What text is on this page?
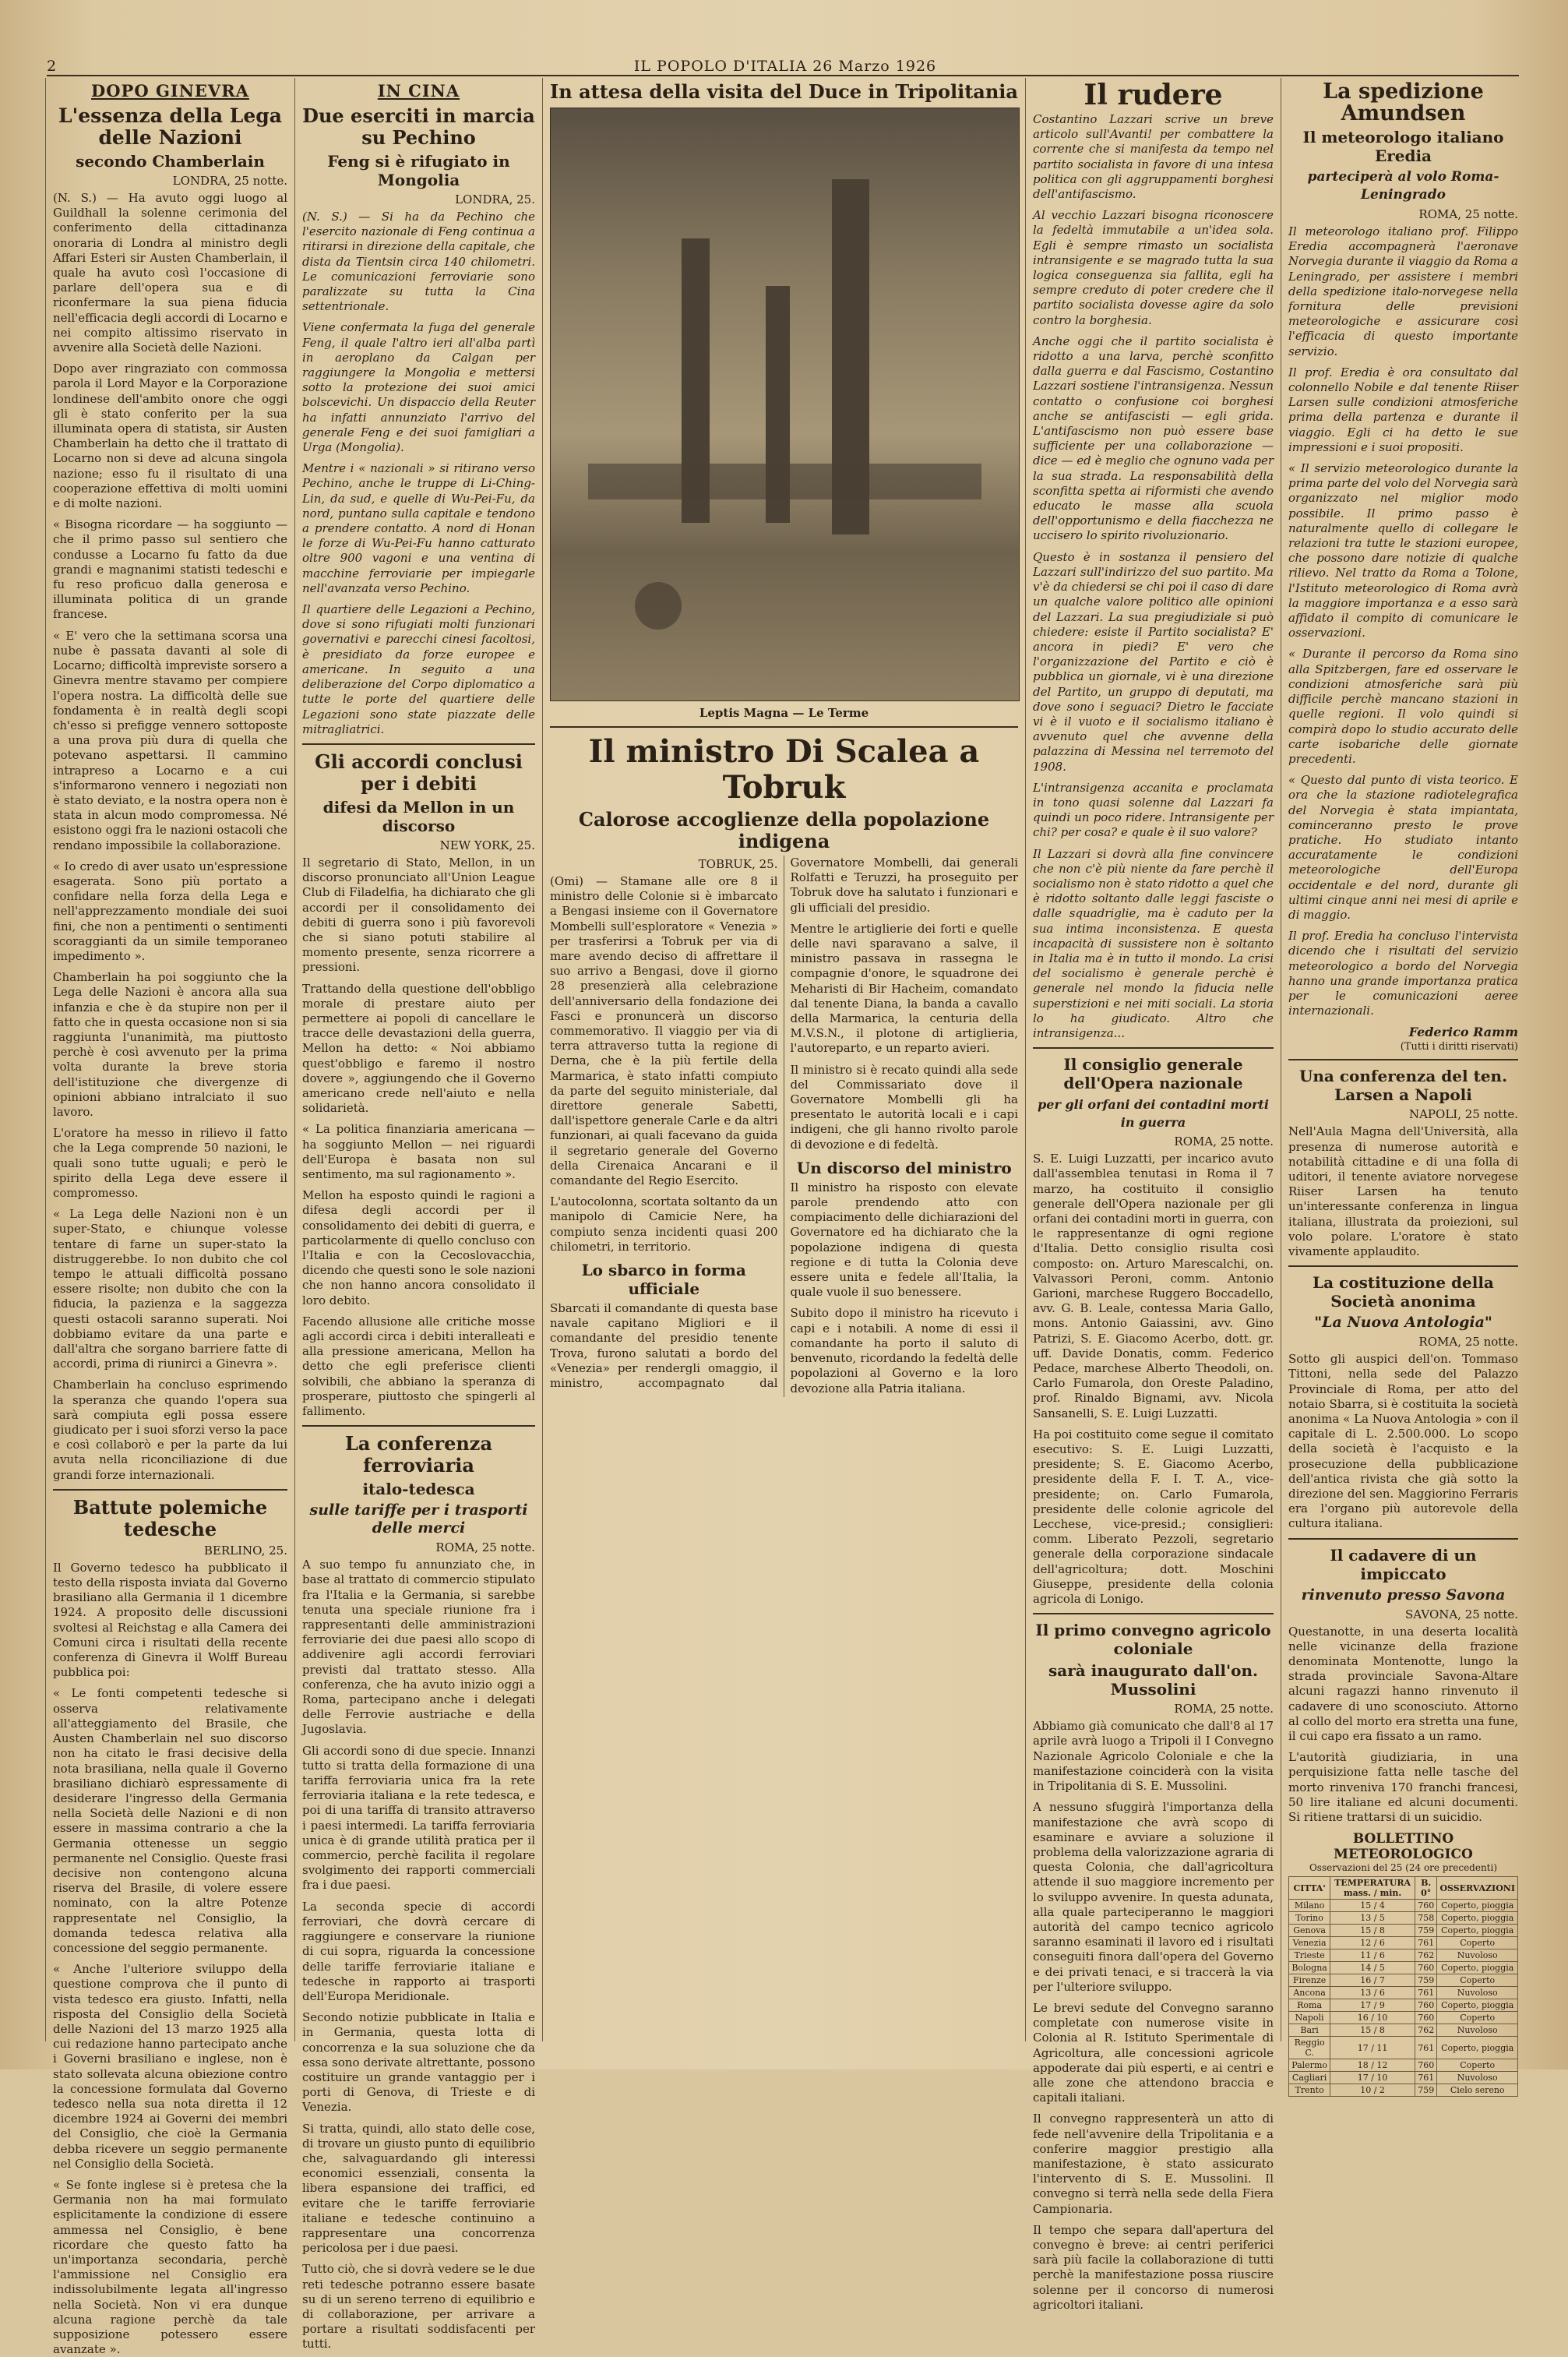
2	IL POPOLO D'ITALIA 26 Marzo 1926

DOPO GINEVRA
L'essenza della Lega delle Nazioni
secondo Chamberlain
LONDRA, 25 notte.

(N. S.) — Ha avuto oggi luogo al Guildhall la solenne cerimonia del conferimento della cittadinanza onoraria di Londra al ministro degli Affari Esteri sir Austen Chamberlain, il quale ha avuto così l'occasione di parlare dell'opera sua e di riconfermare la sua piena fiducia nell'efficacia degli accordi di Locarno e nei compito altissimo riservato in avvenire alla Società delle Nazioni.

Dopo aver ringraziato con commossa parola il Lord Mayor e la Corporazione londinese dell'ambito onore che oggi gli è stato conferito per la sua illuminata opera di statista, sir Austen Chamberlain ha detto che il trattato di Locarno non si deve ad alcuna singola nazione; esso fu il risultato di una cooperazione effettiva di molti uomini e di molte nazioni.

« Bisogna ricordare — ha soggiunto — che il primo passo sul sentiero che condusse a Locarno fu fatto da due grandi e magnanimi statisti tedeschi e fu reso proficuo dalla generosa e illuminata politica di un grande francese.

« E' vero che la settimana scorsa una nube è passata davanti al sole di Locarno; difficoltà impreviste sorsero a Ginevra mentre stavamo per compiere l'opera nostra. La difficoltà delle sue fondamenta è in realtà degli scopi ch'esso si prefigge vennero sottoposte a una prova più dura di quella che potevano aspettarsi. Il cammino intrapreso a Locarno e a cui s'informarono vennero i negoziati non è stato deviato, e la nostra opera non è stata in alcun modo compromessa. Né esistono oggi fra le nazioni ostacoli che rendano impossibile la collaborazione.

« Io credo di aver usato un'espressione esagerata. Sono più portato a confidare nella forza della Lega e nell'apprezzamento mondiale dei suoi fini, che non a pentimenti o sentimenti scoraggianti da un simile temporaneo impedimento ».

Chamberlain ha poi soggiunto che la Lega delle Nazioni è ancora alla sua infanzia e che è da stupire non per il fatto che in questa occasione non si sia raggiunta l'unanimità, ma piuttosto perchè è così avvenuto per la prima volta durante la breve storia dell'istituzione che divergenze di opinioni abbiano intralciato il suo lavoro.

L'oratore ha messo in rilievo il fatto che la Lega comprende 50 nazioni, le quali sono tutte uguali; e però le spirito della Lega deve essere il compromesso.

« La Lega delle Nazioni non è un super-Stato, e chiunque volesse tentare di farne un super-stato la distruggerebbe. Io non dubito che col tempo le attuali difficoltà possano essere risolte; non dubito che con la fiducia, la pazienza e la saggezza questi ostacoli saranno superati. Noi dobbiamo evitare da una parte e dall'altra che sorgano barriere fatte di accordi, prima di riunirci a Ginevra ».

Chamberlain ha concluso esprimendo la speranza che quando l'opera sua sarà compiuta egli possa essere giudicato per i suoi sforzi verso la pace e così collaborò e per la parte da lui avuta nella riconciliazione di due grandi forze internazionali.

Battute polemiche tedesche
BERLINO, 25.

Il Governo tedesco ha pubblicato il testo della risposta inviata dal Governo brasiliano alla Germania il 1 dicembre 1924. A proposito delle discussioni svoltesi al Reichstag e alla Camera dei Comuni circa i risultati della recente conferenza di Ginevra il Wolff Bureau pubblica poi:

« Le fonti competenti tedesche si osserva relativamente all'atteggiamento del Brasile, che Austen Chamberlain nel suo discorso non ha citato le frasi decisive della nota brasiliana, nella quale il Governo brasiliano dichiarò espressamente di desiderare l'ingresso della Germania nella Società delle Nazioni e di non essere in massima contrario a che la Germania ottenesse un seggio permanente nel Consiglio. Queste frasi decisive non contengono alcuna riserva del Brasile, di volere essere nominato, con la altre Potenze rappresentate nel Consiglio, la domanda tedesca relativa alla concessione del seggio permanente.

« Anche l'ulteriore sviluppo della questione comprova che il punto di vista tedesco era giusto. Infatti, nella risposta del Consiglio della Società delle Nazioni del 13 marzo 1925 alla cui redazione hanno partecipato anche i Governi brasiliano e inglese, non è stato sollevata alcuna obiezione contro la concessione formulata dal Governo tedesco nella sua nota diretta il 12 dicembre 1924 ai Governi dei membri del Consiglio, che cioè la Germania debba ricevere un seggio permanente nel Consiglio della Società.

« Se fonte inglese si è pretesa che la Germania non ha mai formulato esplicitamente la condizione di essere ammessa nel Consiglio, è bene ricordare che questo fatto ha un'importanza secondaria, perchè l'ammissione nel Consiglio era indissolubilmente legata all'ingresso nella Società. Non vi era dunque alcuna ragione perchè da tale supposizione potessero essere avanzate ».

IN CINA
Due eserciti in marcia su Pechino
Feng si è rifugiato in Mongolia
LONDRA, 25.

(N. S.) — Si ha da Pechino che l'esercito nazionale di Feng continua a ritirarsi in direzione della capitale, che dista da Tientsin circa 140 chilometri. Le comunicazioni ferroviarie sono paralizzate su tutta la Cina settentrionale.

Viene confermata la fuga del generale Feng, il quale l'altro ieri all'alba partì in aeroplano da Calgan per raggiungere la Mongolia e mettersi sotto la protezione dei suoi amici bolscevichi. Un dispaccio della Reuter ha infatti annunziato l'arrivo del generale Feng e dei suoi famigliari a Urga (Mongolia).

Mentre i « nazionali » si ritirano verso Pechino, anche le truppe di Li-Ching-Lin, da sud, e quelle di Wu-Pei-Fu, da nord, puntano sulla capitale e tendono a prendere contatto. A nord di Honan le forze di Wu-Pei-Fu hanno catturato oltre 900 vagoni e una ventina di macchine ferroviarie per impiegarle nell'avanzata verso Pechino.

Il quartiere delle Legazioni a Pechino, dove si sono rifugiati molti funzionari governativi e parecchi cinesi facoltosi, è presidiato da forze europee e americane. In seguito a una deliberazione del Corpo diplomatico a tutte le porte del quartiere delle Legazioni sono state piazzate delle mitragliatrici.

Gli accordi conclusi per i debiti
difesi da Mellon in un discorso
NEW YORK, 25.

Il segretario di Stato, Mellon, in un discorso pronunciato all'Union League Club di Filadelfia, ha dichiarato che gli accordi per il consolidamento dei debiti di guerra sono i più favorevoli che si siano potuti stabilire al momento presente, senza ricorrere a pressioni.

Trattando della questione dell'obbligo morale di prestare aiuto per permettere ai popoli di cancellare le tracce delle devastazioni della guerra, Mellon ha detto: « Noi abbiamo quest'obbligo e faremo il nostro dovere », aggiungendo che il Governo americano crede nell'aiuto e nella solidarietà.

« La politica finanziaria americana — ha soggiunto Mellon — nei riguardi dell'Europa è basata non sul sentimento, ma sul ragionamento ».

Mellon ha esposto quindi le ragioni a difesa degli accordi per il consolidamento dei debiti di guerra, e particolarmente di quello concluso con l'Italia e con la Cecoslovacchia, dicendo che questi sono le sole nazioni che non hanno ancora consolidato il loro debito.

Facendo allusione alle critiche mosse agli accordi circa i debiti interalleati e alla pressione americana, Mellon ha detto che egli preferisce clienti solvibili, che abbiano la speranza di prosperare, piuttosto che spingerli al fallimento.

La conferenza ferroviaria
italo-tedesca
sulle tariffe per i trasporti delle merci
ROMA, 25 notte.

A suo tempo fu annunziato che, in base al trattato di commercio stipulato fra l'Italia e la Germania, si sarebbe tenuta una speciale riunione fra i rappresentanti delle amministrazioni ferroviarie dei due paesi allo scopo di addivenire agli accordi ferroviari previsti dal trattato stesso. Alla conferenza, che ha avuto inizio oggi a Roma, partecipano anche i delegati delle Ferrovie austriache e della Jugoslavia.

Gli accordi sono di due specie. Innanzi tutto si tratta della formazione di una tariffa ferroviaria unica fra la rete ferroviaria italiana e la rete tedesca, e poi di una tariffa di transito attraverso i paesi intermedi. La tariffa ferroviaria unica è di grande utilità pratica per il commercio, perchè facilita il regolare svolgimento dei rapporti commerciali fra i due paesi.

La seconda specie di accordi ferroviari, che dovrà cercare di raggiungere e conservare la riunione di cui sopra, riguarda la concessione delle tariffe ferroviarie italiane e tedesche in rapporto ai trasporti dell'Europa Meridionale.

Secondo notizie pubblicate in Italia e in Germania, questa lotta di concorrenza e la sua soluzione che da essa sono derivate altrettante, possono costituire un grande vantaggio per i porti di Genova, di Trieste e di Venezia.

Si tratta, quindi, allo stato delle cose, di trovare un giusto punto di equilibrio che, salvaguardando gli interessi economici essenziali, consenta la libera espansione dei traffici, ed evitare che le tariffe ferroviarie italiane e tedesche continuino a rappresentare una concorrenza pericolosa per i due paesi.

Tutto ciò, che si dovrà vedere se le due reti tedesche potranno essere basate su di un sereno terreno di equilibrio e di collaborazione, per arrivare a portare a risultati soddisfacenti per tutti.

In attesa della visita del Duce in Tripolitania
Leptis Magna — Le Terme
Il ministro Di Scalea a Tobruk
Calorose accoglienze della popolazione indigena
TOBRUK, 25.

(Omi) — Stamane alle ore 8 il ministro delle Colonie si è imbarcato a Bengasi insieme con il Governatore Mombelli sull'esploratore « Venezia » per trasferirsi a Tobruk per via di mare avendo deciso di affrettare il suo arrivo a Bengasi, dove il giorno 28 presenzierà alla celebrazione dell'anniversario della fondazione dei Fasci e pronuncerà un discorso commemorativo. Il viaggio per via di terra attraverso tutta la regione di Derna, che è la più fertile della Marmarica, è stato infatti compiuto da parte del seguito ministeriale, dal direttore generale Sabetti, dall'ispettore generale Carle e da altri funzionari, ai quali facevano da guida il segretario generale del Governo della Cirenaica Ancarani e il comandante del Regio Esercito.

L'autocolonna, scortata soltanto da un manipolo di Camicie Nere, ha compiuto senza incidenti quasi 200 chilometri, in territorio.

Lo sbarco in forma ufficiale

Sbarcati il comandante di questa base navale capitano Migliori e il comandante del presidio tenente Trova, furono salutati a bordo del «Venezia» per rendergli omaggio, il ministro, accompagnato dal Governatore Mombelli, dai generali Rolfatti e Teruzzi, ha proseguito per Tobruk dove ha salutato i funzionari e gli ufficiali del presidio.

Mentre le artiglierie dei forti e quelle delle navi sparavano a salve, il ministro passava in rassegna le compagnie d'onore, le squadrone dei Meharisti di Bir Hacheim, comandato dal tenente Diana, la banda a cavallo della Marmarica, la centuria della M.V.S.N., il plotone di artiglieria, l'autoreparto, e un reparto avieri.

Il ministro si è recato quindi alla sede del Commissariato dove il Governatore Mombelli gli ha presentato le autorità locali e i capi indigeni, che gli hanno rivolto parole di devozione e di fedeltà.

Un discorso del ministro

Il ministro ha risposto con elevate parole prendendo atto con compiacimento delle dichiarazioni del Governatore ed ha dichiarato che la popolazione indigena di questa regione e di tutta la Colonia deve essere unita e fedele all'Italia, la quale vuole il suo benessere.

Subito dopo il ministro ha ricevuto i capi e i notabili. A nome di essi il comandante ha porto il saluto di benvenuto, ricordando la fedeltà delle popolazioni al Governo e la loro devozione alla Patria italiana.

Il rudere

Costantino Lazzari scrive un breve articolo sull'Avanti! per combattere la corrente che si manifesta da tempo nel partito socialista in favore di una intesa politica con gli aggruppamenti borghesi dell'antifascismo.

Al vecchio Lazzari bisogna riconoscere la fedeltà immutabile a un'idea sola. Egli è sempre rimasto un socialista intransigente e se magrado tutta la sua logica conseguenza sia fallita, egli ha sempre creduto di poter credere che il partito socialista dovesse agire da solo contro la borghesia.

Anche oggi che il partito socialista è ridotto a una larva, perchè sconfitto dalla guerra e dal Fascismo, Costantino Lazzari sostiene l'intransigenza. Nessun contatto o confusione coi borghesi anche se antifascisti — egli grida. L'antifascismo non può essere base sufficiente per una collaborazione — dice — ed è meglio che ognuno vada per la sua strada. La responsabilità della sconfitta spetta ai riformisti che avendo educato le masse alla scuola dell'opportunismo e della fiacchezza ne uccisero lo spirito rivoluzionario.

Questo è in sostanza il pensiero del Lazzari sull'indirizzo del suo partito. Ma v'è da chiedersi se chi poi il caso di dare un qualche valore politico alle opinioni del Lazzari. La sua pregiudiziale si può chiedere: esiste il Partito socialista? E' ancora in piedi? E' vero che l'organizzazione del Partito e ciò è pubblica un giornale, vi è una direzione del Partito, un gruppo di deputati, ma dove sono i seguaci? Dietro le facciate vi è il vuoto e il socialismo italiano è avvenuto quel che avvenne della palazzina di Messina nel terremoto del 1908.

L'intransigenza accanita e proclamata in tono quasi solenne dal Lazzari fa quindi un poco ridere. Intransigente per chi? per cosa? e quale è il suo valore?

Il Lazzari si dovrà alla fine convincere che non c'è più niente da fare perchè il socialismo non è stato ridotto a quel che è ridotto soltanto dalle leggi fasciste o dalle squadriglie, ma è caduto per la sua intima inconsistenza. E questa incapacità di sussistere non è soltanto in Italia ma è in tutto il mondo. La crisi del socialismo è generale perchè è generale nel mondo la fiducia nelle superstizioni e nei miti sociali. La storia lo ha giudicato. Altro che intransigenza...

Il consiglio generale dell'Opera nazionale
per gli orfani dei contadini morti in guerra
ROMA, 25 notte.

S. E. Luigi Luzzatti, per incarico avuto dall'assemblea tenutasi in Roma il 7 marzo, ha costituito il consiglio generale dell'Opera nazionale per gli orfani dei contadini morti in guerra, con le rappresentanze di ogni regione d'Italia. Detto consiglio risulta così composto: on. Arturo Marescalchi, on. Valvassori Peroni, comm. Antonio Garioni, marchese Ruggero Boccadello, avv. G. B. Leale, contessa Maria Gallo, mons. Antonio Gaiassini, avv. Gino Patrizi, S. E. Giacomo Acerbo, dott. gr. uff. Davide Donatis, comm. Federico Pedace, marchese Alberto Theodoli, on. Carlo Fumarola, don Oreste Paladino, prof. Rinaldo Bignami, avv. Nicola Sansanelli, S. E. Luigi Luzzatti.

Ha poi costituito come segue il comitato esecutivo: S. E. Luigi Luzzatti, presidente; S. E. Giacomo Acerbo, presidente della F. I. T. A., vice-presidente; on. Carlo Fumarola, presidente delle colonie agricole del Lecchese, vice-presid.; consiglieri: comm. Liberato Pezzoli, segretario generale della corporazione sindacale dell'agricoltura; dott. Moschini Giuseppe, presidente della colonia agricola di Lonigo.

Il primo convegno agricolo coloniale
sarà inaugurato dall'on. Mussolini
ROMA, 25 notte.

Abbiamo già comunicato che dall'8 al 17 aprile avrà luogo a Tripoli il I Convegno Nazionale Agricolo Coloniale e che la manifestazione coinciderà con la visita in Tripolitania di S. E. Mussolini.

A nessuno sfuggirà l'importanza della manifestazione che avrà scopo di esaminare e avviare a soluzione il problema della valorizzazione agraria di questa Colonia, che dall'agricoltura attende il suo maggiore incremento per lo sviluppo avvenire. In questa adunata, alla quale parteciperanno le maggiori autorità del campo tecnico agricolo saranno esaminati il lavoro ed i risultati conseguiti finora dall'opera del Governo e dei privati tenaci, e si traccerà la via per l'ulteriore sviluppo.

Le brevi sedute del Convegno saranno completate con numerose visite in Colonia al R. Istituto Sperimentale di Agricoltura, alle concessioni agricole appoderate dai più esperti, e ai centri e alle zone che attendono braccia e capitali italiani.

Il convegno rappresenterà un atto di fede nell'avvenire della Tripolitania e a conferire maggior prestigio alla manifestazione, è stato assicurato l'intervento di S. E. Mussolini. Il convegno si terrà nella sede della Fiera Campionaria.

Il tempo che separa dall'apertura del convegno è breve: ai centri periferici sarà più facile la collaborazione di tutti perchè la manifestazione possa riuscire solenne per il concorso di numerosi agricoltori italiani.

La spedizione Amundsen
Il meteorologo italiano Eredia
parteciperà al volo Roma-Leningrado
ROMA, 25 notte.

Il meteorologo italiano prof. Filippo Eredia accompagnerà l'aeronave Norvegia durante il viaggio da Roma a Leningrado, per assistere i membri della spedizione italo-norvegese nella fornitura delle previsioni meteorologiche e assicurare così l'efficacia di questo importante servizio.

Il prof. Eredia è ora consultato dal colonnello Nobile e dal tenente Riiser Larsen sulle condizioni atmosferiche prima della partenza e durante il viaggio. Egli ci ha detto le sue impressioni e i suoi propositi.

« Il servizio meteorologico durante la prima parte del volo del Norvegia sarà organizzato nel miglior modo possibile. Il primo passo è naturalmente quello di collegare le relazioni tra tutte le stazioni europee, che possono dare notizie di qualche rilievo. Nel tratto da Roma a Tolone, l'Istituto meteorologico di Roma avrà la maggiore importanza e a esso sarà affidato il compito di comunicare le osservazioni.

« Durante il percorso da Roma sino alla Spitzbergen, fare ed osservare le condizioni atmosferiche sarà più difficile perchè mancano stazioni in quelle regioni. Il volo quindi si compirà dopo lo studio accurato delle carte isobariche delle giornate precedenti.

« Questo dal punto di vista teorico. E ora che la stazione radiotelegrafica del Norvegia è stata impiantata, cominceranno presto le prove pratiche. Ho studiato intanto accuratamente le condizioni meteorologiche dell'Europa occidentale e del nord, durante gli ultimi cinque anni nei mesi di aprile e di maggio.

Il prof. Eredia ha concluso l'intervista dicendo che i risultati del servizio meteorologico a bordo del Norvegia hanno una grande importanza pratica per le comunicazioni aeree internazionali.

Federico Ramm
(Tutti i diritti riservati)
Una conferenza del ten. Larsen a Napoli
NAPOLI, 25 notte.

Nell'Aula Magna dell'Università, alla presenza di numerose autorità e notabilità cittadine e di una folla di uditori, il tenente aviatore norvegese Riiser Larsen ha tenuto un'interessante conferenza in lingua italiana, illustrata da proiezioni, sul volo polare. L'oratore è stato vivamente applaudito.

La costituzione della Società anonima
"La Nuova Antologia"
ROMA, 25 notte.

Sotto gli auspici dell'on. Tommaso Tittoni, nella sede del Palazzo Provinciale di Roma, per atto del notaio Sbarra, si è costituita la società anonima « La Nuova Antologia » con il capitale di L. 2.500.000. Lo scopo della società è l'acquisto e la prosecuzione della pubblicazione dell'antica rivista che già sotto la direzione del sen. Maggiorino Ferraris era l'organo più autorevole della cultura italiana.

Il cadavere di un impiccato
rinvenuto presso Savona
SAVONA, 25 notte.

Questanotte, in una deserta località nelle vicinanze della frazione denominata Montenotte, lungo la strada provinciale Savona-Altare alcuni ragazzi hanno rinvenuto il cadavere di uno sconosciuto. Attorno al collo del morto era stretta una fune, il cui capo era fissato a un ramo.

L'autorità giudiziaria, in una perquisizione fatta nelle tasche del morto rinveniva 170 franchi francesi, 50 lire italiane ed alcuni documenti. Si ritiene trattarsi di un suicidio.

BOLLETTINO METEOROLOGICO
Osservazioni del 25 (24 ore precedenti)
CITTA'	TEMPERATURA mass. / min.	B. 0°	OSSERVAZIONI
Milano	15 / 4	760	Coperto, pioggia
Torino	13 / 5	758	Coperto, pioggia
Genova	15 / 8	759	Coperto, pioggia
Venezia	12 / 6	761	Coperto
Trieste	11 / 6	762	Nuvoloso
Bologna	14 / 5	760	Coperto, pioggia
Firenze	16 / 7	759	Coperto
Ancona	13 / 6	761	Nuvoloso
Roma	17 / 9	760	Coperto, pioggia
Napoli	16 / 10	760	Coperto
Bari	15 / 8	762	Nuvoloso
Reggio C.	17 / 11	761	Coperto, pioggia
Palermo	18 / 12	760	Coperto
Cagliari	17 / 10	761	Nuvoloso
Trento	10 / 2	759	Cielo sereno
